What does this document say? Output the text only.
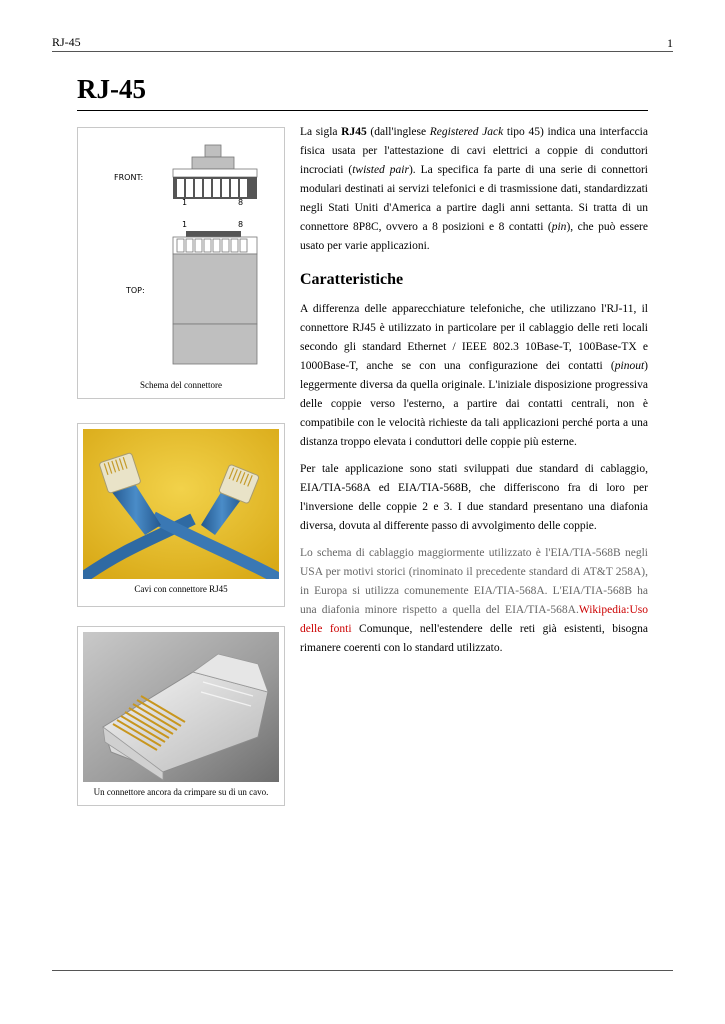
RJ-45	1
RJ-45
FRONT:
1	8
1	8
TOP:
Schema del connettore
Cavi con connettore RJ45
Un connettore ancora da crimpare su di un cavo.

La sigla RJ45 (dall'inglese Registered Jack tipo 45) indica una interfaccia fisica usata per l'attestazione di cavi elettrici a coppie di conduttori incrociati (twisted pair). La specifica fa parte di una serie di connettori modulari destinati ai servizi telefonici e di trasmissione dati, standardizzati negli Stati Uniti d'America a partire dagli anni settanta. Si tratta di un connettore 8P8C, ovvero a 8 posizioni e 8 contatti (pin), che può essere usato per varie applicazioni.

Caratteristiche

A differenza delle apparecchiature telefoniche, che utilizzano l'RJ-11, il connettore RJ45 è utilizzato in particolare per il cablaggio delle reti locali secondo gli standard Ethernet / IEEE 802.3 10Base-T, 100Base-TX e 1000Base-T, anche se con una configurazione dei contatti (pinout) leggermente diversa da quella originale. L'iniziale disposizione progressiva delle coppie verso l'esterno, a partire dai contatti centrali, non è compatibile con le velocità richieste da tali applicazioni perché porta a una distanza troppo elevata i conduttori delle coppie più esterne.

Per tale applicazione sono stati sviluppati due standard di cablaggio, EIA/TIA-568A ed EIA/TIA-568B, che differiscono fra di loro per l'inversione delle coppie 2 e 3. I due standard presentano una diafonia diversa, dovuta al differente passo di avvolgimento delle coppie.

Lo schema di cablaggio maggiormente utilizzato è l'EIA/TIA-568B negli USA per motivi storici (rinominato il precedente standard di AT&T 258A), in Europa si utilizza comunemente EIA/TIA-568A. L'EIA/TIA-568B ha una diafonia minore rispetto a quella del EIA/TIA-568A.Wikipedia:Uso delle fonti Comunque, nell'estendere delle reti già esistenti, bisogna rimanere coerenti con lo standard utilizzato.
